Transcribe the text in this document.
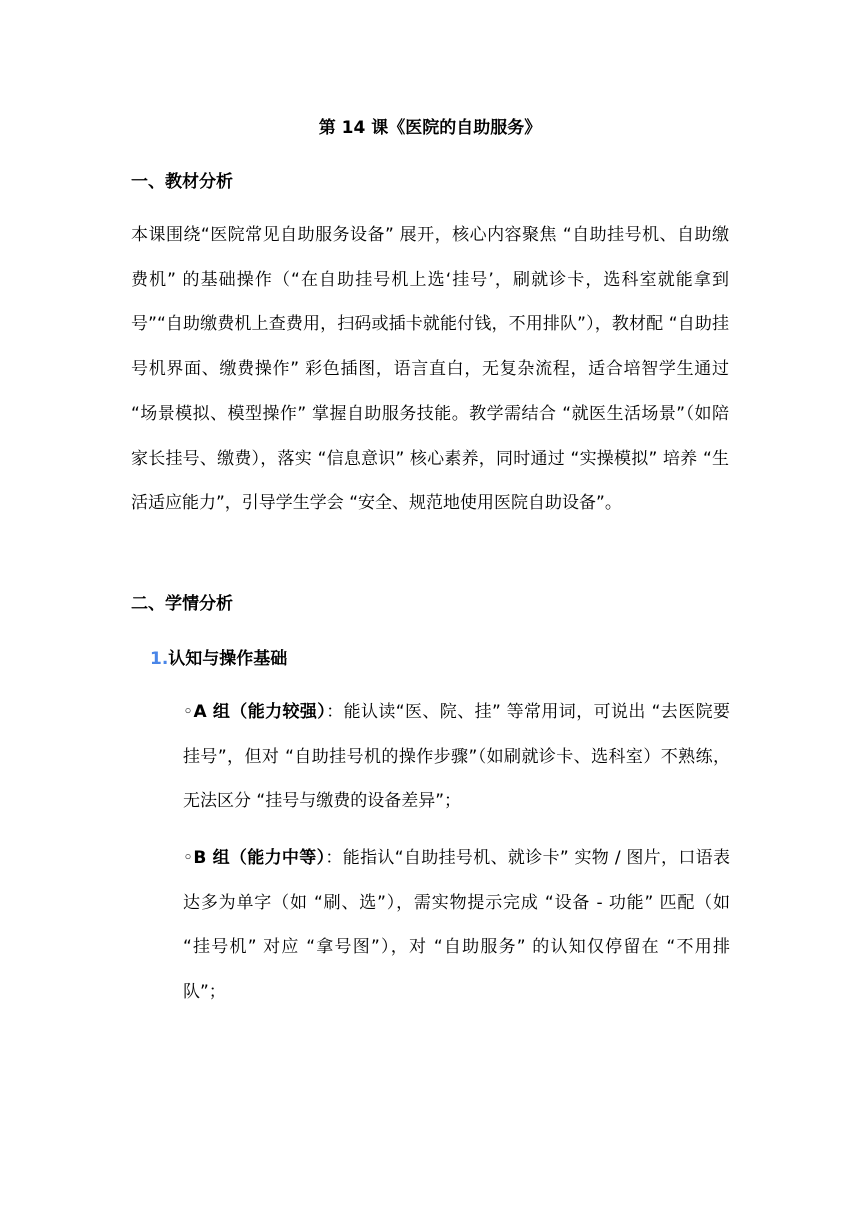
第 14 课《医院的自助服务》
一、教材分析

本课围绕“医院常见自助服务设备” 展开，核心内容聚焦 “自助挂号机、自助缴费机” 的基础操作（“在自助挂号机上选‘挂号’，刷就诊卡，选科室就能拿到号”“自助缴费机上查费用，扫码或插卡就能付钱，不用排队”），教材配 “自助挂号机界面、缴费操作” 彩色插图，语言直白，无复杂流程，适合培智学生通过 “场景模拟、模型操作” 掌握自助服务技能。教学需结合 “就医生活场景”（如陪家长挂号、缴费），落实 “信息意识” 核心素养，同时通过 “实操模拟” 培养 “生活适应能力”，引导学生学会 “安全、规范地使用医院自助设备”。

二、学情分析
1.认知与操作基础

◦A 组（能力较强）：能认读“医、院、挂” 等常用词，可说出 “去医院要挂号”，但对 “自助挂号机的操作步骤”（如刷就诊卡、选科室）不熟练，无法区分 “挂号与缴费的设备差异”；

◦B 组（能力中等）：能指认“自助挂号机、就诊卡” 实物 / 图片，口语表达多为单字（如 “刷、选”），需实物提示完成 “设备 - 功能” 匹配（如 “挂号机” 对应 “拿号图”），对 “自助服务” 的认知仅停留在 “不用排队”；
